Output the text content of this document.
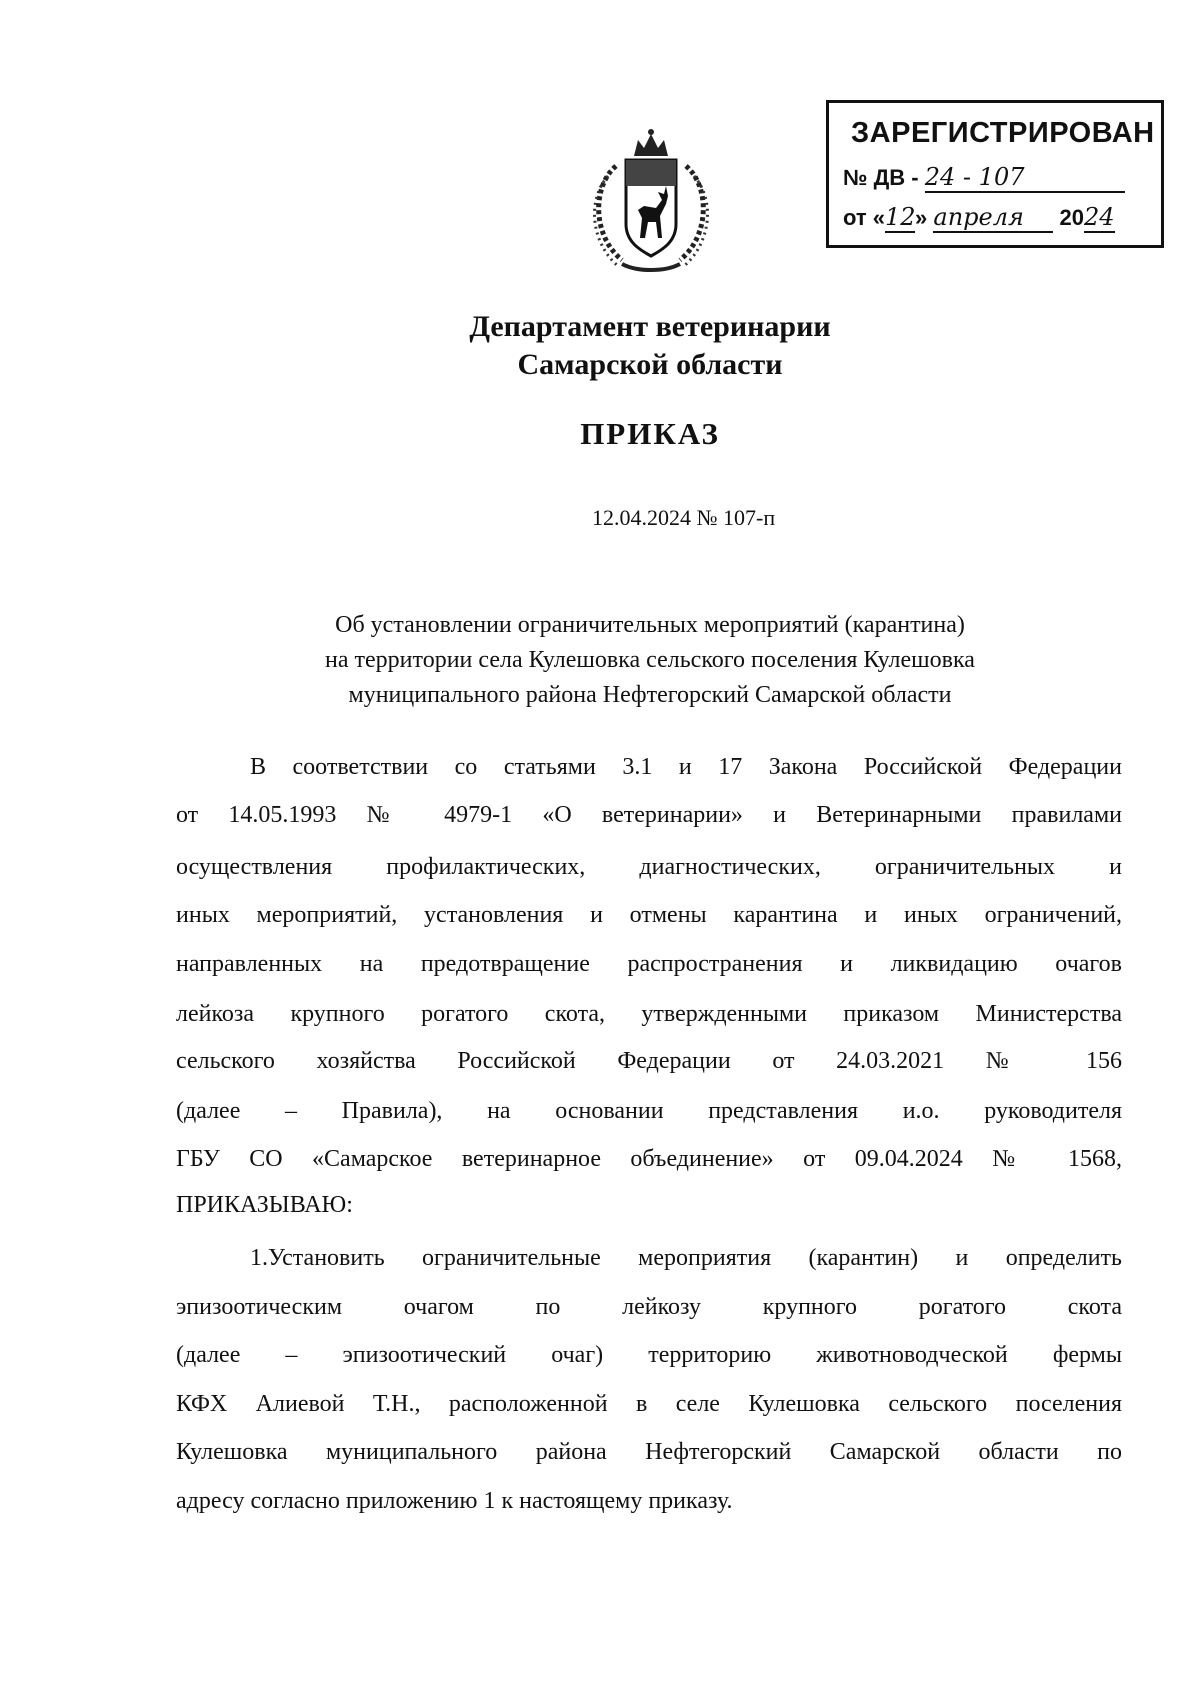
ЗАРЕГИСТРИРОВАН
№ ДВ - 24 - 107
от «12» апреля 2024
Департамент ветеринарии
Самарской области
ПРИКАЗ
12.04.2024 № 107-п
Об установлении ограничительных мероприятий (карантина)
на территории села Кулешовка сельского поселения Кулешовка
муниципального района Нефтегорский Самарской области
В соответствии со статьями 3.1 и 17 Закона Российской Федерации
от 14.05.1993 № 4979-1 «О ветеринарии» и Ветеринарными правилами
осуществления профилактических, диагностических, ограничительных и
иных мероприятий, установления и отмены карантина и иных ограничений,
направленных на предотвращение распространения и ликвидацию очагов
лейкоза крупного рогатого скота, утвержденными приказом Министерства
сельского хозяйства Российской Федерации от 24.03.2021 № 156
(далее – Правила), на основании представления и.о. руководителя
ГБУ СО «Самарское ветеринарное объединение» от 09.04.2024 № 1568,
ПРИКАЗЫВАЮ:
1.Установить ограничительные мероприятия (карантин) и определить
эпизоотическим очагом по лейкозу крупного рогатого скота
(далее – эпизоотический очаг) территорию животноводческой фермы
КФХ Алиевой Т.Н., расположенной в селе Кулешовка сельского поселения
Кулешовка муниципального района Нефтегорский Самарской области по
адресу согласно приложению 1 к настоящему приказу.
